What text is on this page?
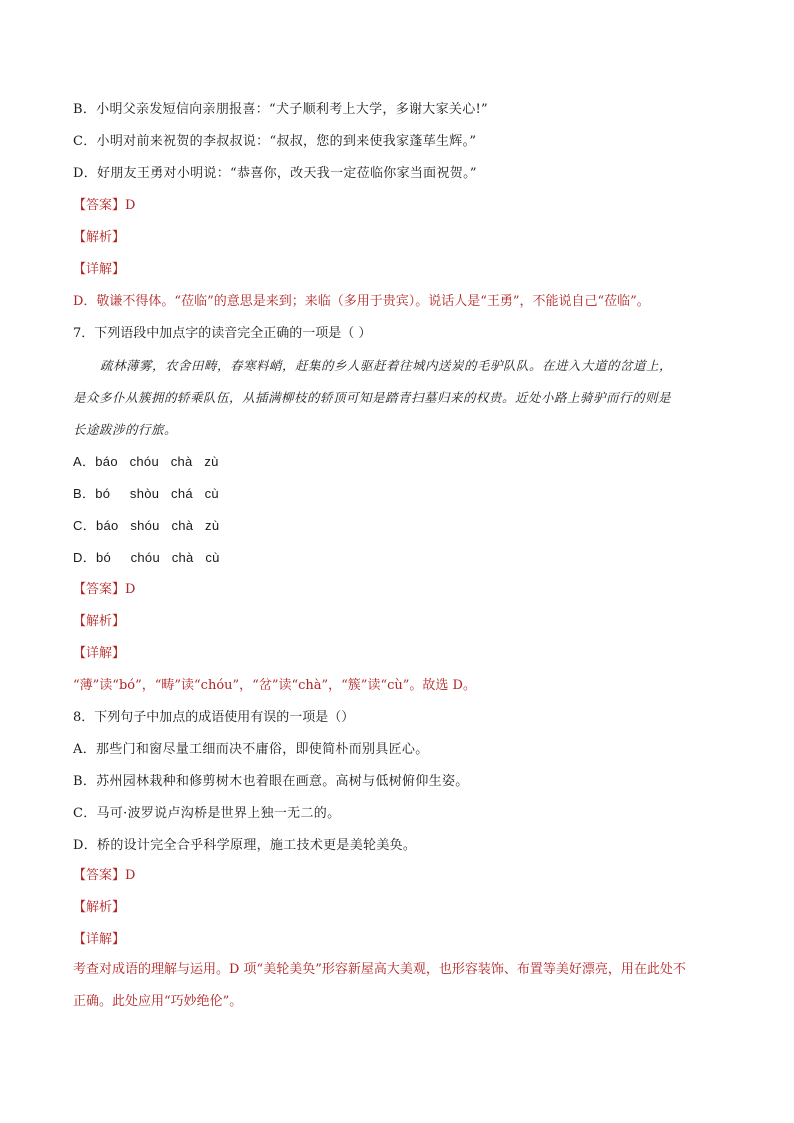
B．小明父亲发短信向亲朋报喜：“犬子顺利考上大学，多谢大家关心!”
C．小明对前来祝贺的李叔叔说：“叔叔，您的到来使我家蓬荜生辉。”
D．好朋友王勇对小明说：“恭喜你，改天我一定莅临你家当面祝贺。”
【答案】D
【解析】
【详解】
D．敬谦不得体。“莅临”的意思是来到；来临（多用于贵宾）。说话人是“王勇”，不能说自己“莅临”。
7．下列语段中加点字的读音完全正确的一项是（ ）
疏林薄雾，农舍田畴，春寒料峭，赶集的乡人驱赶着往城内送炭的毛驴队队。在进入大道的岔道上，
是众多仆从簇拥的轿乘队伍，从插满柳枝的轿顶可知是踏青扫墓归来的权贵。近处小路上骑驴而行的则是
长途跋涉的行旅。
A．báo   chóu   chà   zù
B．bó     shòu   chá   cù
C．báo   shóu   chà   zù
D．bó     chóu   chà   cù
【答案】D
【解析】
【详解】
“薄”读“bó”，“畴”读“chóu”，“岔”读“chà”，“簇”读“cù”。故选 D。
8．下列句子中加点的成语使用有误的一项是（）
A．那些门和窗尽量工细而决不庸俗，即使简朴而别具匠心。
B．苏州园林栽种和修剪树木也着眼在画意。高树与低树俯仰生姿。
C．马可·波罗说卢沟桥是世界上独一无二的。
D．桥的设计完全合乎科学原理，施工技术更是美轮美奂。
【答案】D
【解析】
【详解】
考查对成语的理解与运用。D 项“美轮美奂”形容新屋高大美观，也形容装饰、布置等美好漂亮，用在此处不
正确。此处应用“巧妙绝伦”。
